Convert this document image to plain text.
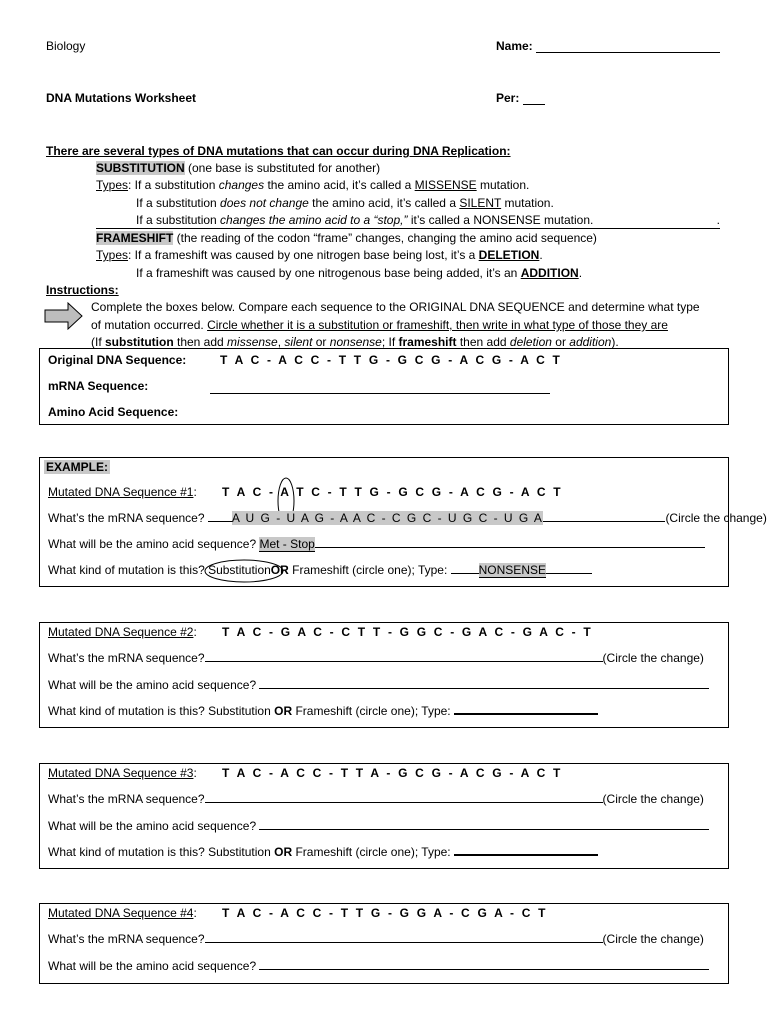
Biology	Name:
DNA Mutations Worksheet	Per:
There are several types of DNA mutations that can occur during DNA Replication:
SUBSTITUTION (one base is substituted for another)
Types: If a substitution changes the amino acid, it’s called a MISSENSE mutation.
If a substitution does not change the amino acid, it’s called a SILENT mutation.
If a substitution changes the amino acid to a “stop,” it’s called a NONSENSE mutation.	.
FRAMESHIFT (the reading of the codon “frame” changes, changing the amino acid sequence)
Types: If a frameshift was caused by one nitrogen base being lost, it’s a DELETION.
If a frameshift was caused by one nitrogenous base being added, it’s an ADDITION.
Instructions:
Complete the boxes below. Compare each sequence to the ORIGINAL DNA SEQUENCE and determine what type
of mutation occurred. Circle whether it is a substitution or frameshift, then write in what type of those they are
(If substitution then add missense, silent or nonsense; If frameshift then add deletion or addition).
Original DNA Sequence:	T A C - A C C - T T G - G C G - A C G - A C T
mRNA Sequence:
Amino Acid Sequence:
EXAMPLE:
Mutated DNA Sequence #1: T A C - A T C - T T G - G C G - A C G - A C T
What’s the mRNA sequence? A U G - U A G - A A C - C G C - U G C - U G A	(Circle the change)
What will be the amino acid sequence? Met - Stop
What kind of mutation is this? Substitution
OR Frameshift (circle one); Type: NONSENSE
Mutated DNA Sequence #2: T A C - G A C - C T T - G G C - G A C - G A C - T
What’s the mRNA sequence?	(Circle the change)
What will be the amino acid sequence?
What kind of mutation is this? Substitution OR Frameshift (circle one); Type:
Mutated DNA Sequence #3: T A C - A C C - T T A - G C G - A C G - A C T
What’s the mRNA sequence?	(Circle the change)
What will be the amino acid sequence?
What kind of mutation is this? Substitution OR Frameshift (circle one); Type:
Mutated DNA Sequence #4: T A C - A C C - T T G - G G A - C G A - C T
What’s the mRNA sequence?	(Circle the change)
What will be the amino acid sequence?
